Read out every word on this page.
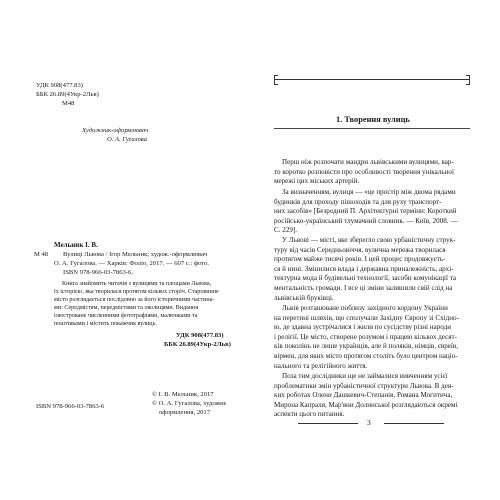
УДК 908(477.83)
ББК 26.89(4Укр-2Льв)
М48
Художник-оформлювач
О. А. Гугалова
Мельник І. В.
М 48 Вулиці Львова / Ігор Мельник; худож.-оформлювач
О. А. Гугалова. — Харків: Фоліо, 2017. — 607 с.: фото.
ISBN 978-966-03-7863-6.
Книга знайомить читачів з вулицями та площами Львова,
їх історією, яка творилася протягом кількох сторіч. Старовинне
місто розглядається послідовно за його історичними частина-
ми: Середмістям, передмістями та околицями. Видання
ілюстроване численними фотографіями, малюнками та
поштівками і містить покажчик вулиць.
УДК 908(477.83)
ББК 26.89(4Укр-2Льв)
© І. В. Мельник, 2017
© О. А. Гугалова, художнє
оформлення, 2017
ISBN 978-966-03-7863-6
1. Творення вулиць
Перш ніж розпочати мандри львівськими вулицями, вар-
то коротко розповісти про особливості творення унікальної
мережі цих міських артерій.
За визначенням, вулиця — «це простір між двома рядами
будинків для проходу пішоходів та для руху транспорт-
них засобів» [Безродний П. Архітектурні терміни: Короткий
російсько-український тлумачний словник. — Київ, 2008. —
С. 229].
У Львові — місті, яке зберегло свою урбаністичну струк-
туру від часів Середньовіччя, вулична мережа творилася
протягом майже тисячі років. І цей процес продовжуєть-
ся й нині. Змінилися влада і державна приналежність, архі-
тектурна мода й будівельні технології, засоби комунікації та
ментальність громади. І все ці зміни залишили свій слід на
львівській бруківці.
Львів розташоване поблизу західного кордону України
на перетині шляхів, що сполучали Західну Європу зі Східно-
ю, де здавна зустрічалися і жили по сусідству різні народи
і релігії. Це місто, створене розумом і працею кількох десят-
ків поколінь не лише українців, але й поляків, німців, євреїв,
вірмен, для яких місто протягом століть було центром націо-
нального та релігійного життя.
Поза тим дослідники ще не займалися вивченням усієї
проблематики змін урбаністичної структури Львова. В дея-
ких роботах Олени Дашкевич-Степанів, Романа Могитича,
Мирона Капраля, Мар'яни Долинської розглядаються окремі
аспекти цього питання.
3
